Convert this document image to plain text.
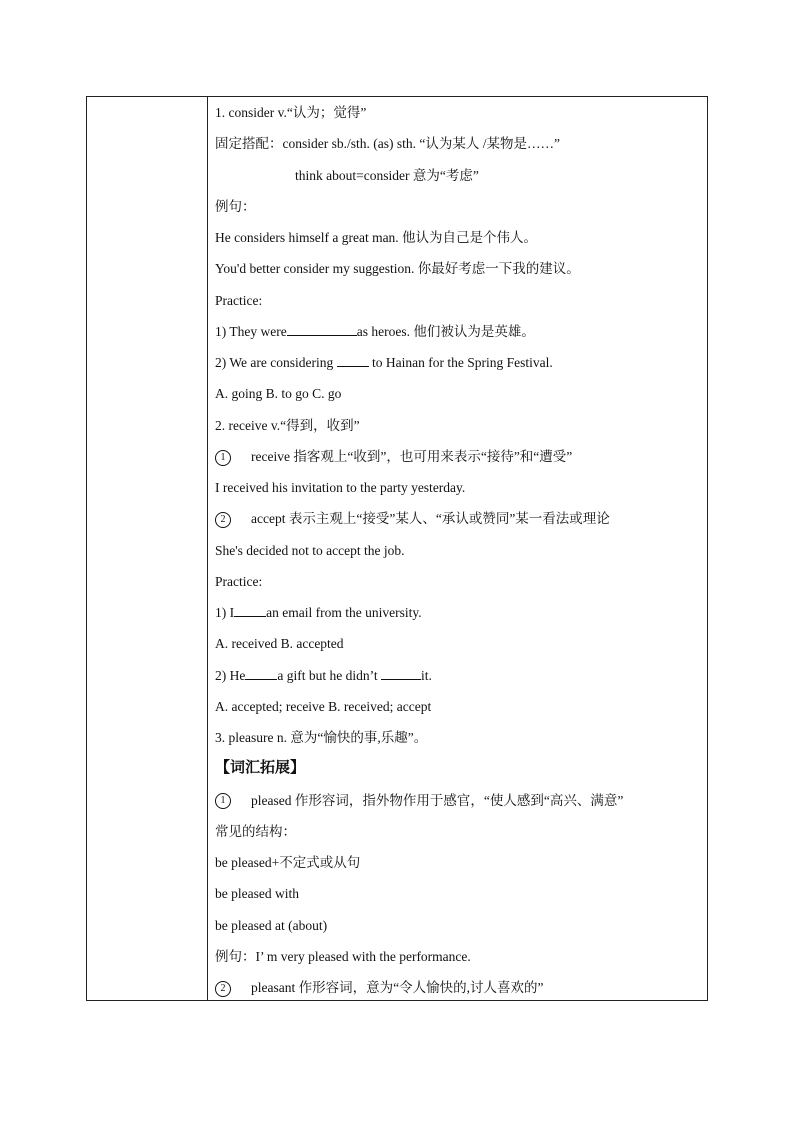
1. consider v.“认为；觉得”
固定搭配：consider sb./sth. (as) sth. “认为某人 /某物是……”
think about=consider 意为“考虑”
例句：
He considers himself a great man. 他认为自己是个伟人。
You'd better consider my suggestion. 你最好考虑一下我的建议。
Practice:
1) They were	as heroes. 他们被认为是英雄。
2) We are considering  to Hainan for the Spring Festival.
A. going B. to go C. go
2. receive v.“得到，收到”
1 receive 指客观上“收到”，也可用来表示“接待”和“遭受”
I received his invitation to the party yesterday.
2 accept 表示主观上“接受”某人、“承认或赞同”某一看法或理论
She's decided not to accept the job.
Practice:
1) I an email from the university.
A. received B. accepted
2) He a gift but he didn’t	it.
A. accepted; receive B. received; accept
3. pleasure n. 意为“愉快的事,乐趣”。
【词汇拓展】
1 pleased 作形容词，指外物作用于感官，“使人感到“高兴、满意”
常见的结构：
be pleased+不定式或从句
be pleased with
be pleased at (about)
例句：I’ m very pleased with the performance.
2 pleasant 作形容词，意为“令人愉快的,讨人喜欢的”
